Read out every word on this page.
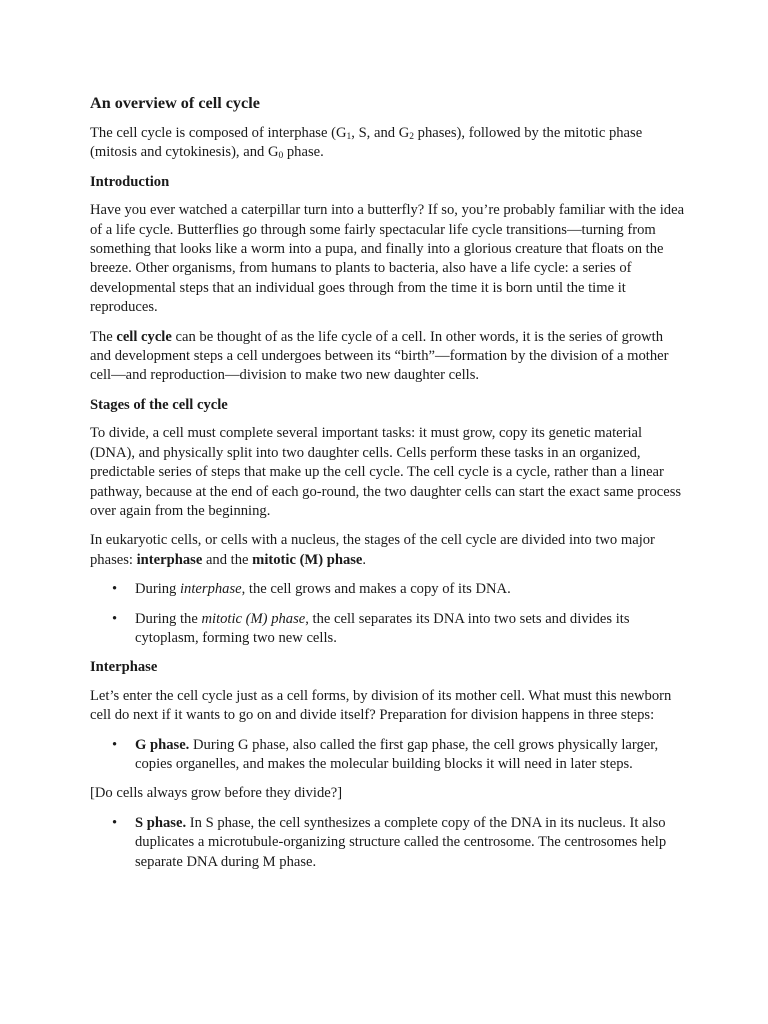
An overview of cell cycle

The cell cycle is composed of interphase ($G_1$, S, and $G_2$ phases), followed by the mitotic phase (mitosis and cytokinesis), and $G_0$ phase.

Introduction

Have you ever watched a caterpillar turn into a butterfly? If so, you’re probably familiar with the idea of a life cycle. Butterflies go through some fairly spectacular life cycle transitions—turning from something that looks like a worm into a pupa, and finally into a glorious creature that floats on the breeze. Other organisms, from humans to plants to bacteria, also have a life cycle: a series of developmental steps that an individual goes through from the time it is born until the time it reproduces.

The cell cycle can be thought of as the life cycle of a cell. In other words, it is the series of growth and development steps a cell undergoes between its “birth”—formation by the division of a mother cell—and reproduction—division to make two new daughter cells.

Stages of the cell cycle

To divide, a cell must complete several important tasks: it must grow, copy its genetic material (DNA), and physically split into two daughter cells. Cells perform these tasks in an organized, predictable series of steps that make up the cell cycle. The cell cycle is a cycle, rather than a linear pathway, because at the end of each go-round, the two daughter cells can start the exact same process over again from the beginning.

In eukaryotic cells, or cells with a nucleus, the stages of the cell cycle are divided into two major phases: interphase and the mitotic (M) phase.

• During interphase, the cell grows and makes a copy of its DNA.
• During the mitotic (M) phase, the cell separates its DNA into two sets and divides its cytoplasm, forming two new cells.
Interphase

Let’s enter the cell cycle just as a cell forms, by division of its mother cell. What must this newborn cell do next if it wants to go on and divide itself? Preparation for division happens in three steps:

• G phase. During G phase, also called the first gap phase, the cell grows physically larger, copies organelles, and makes the molecular building blocks it will need in later steps.

[Do cells always grow before they divide?]

• S phase. In S phase, the cell synthesizes a complete copy of the DNA in its nucleus. It also duplicates a microtubule-organizing structure called the centrosome. The centrosomes help separate DNA during M phase.
